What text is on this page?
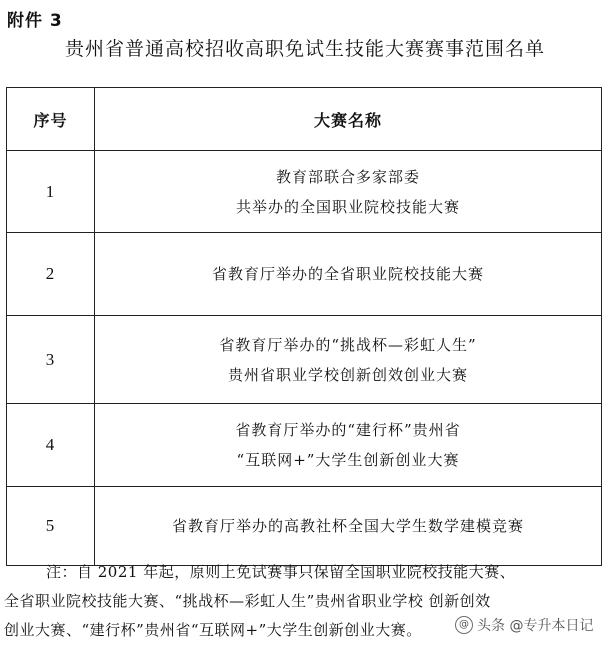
附件 3
贵州省普通高校招收高职免试生技能大赛赛事范围名单
序号	大赛名称
1	教育部联合多家部委
共举办的全国职业院校技能大赛

2	省教育厅举办的全省职业院校技能大赛

3	省教育厅举办的“挑战杯—彩虹人生”
贵州省职业学校创新创效创业大赛

4	省教育厅举办的“建行杯”贵州省
“互联网+”大学生创新创业大赛

5	省教育厅举办的高教社杯全国大学生数学建模竞赛

注：自 2021 年起，原则上免试赛事只保留全国职业院校技能大赛、

全省职业院校技能大赛、“挑战杯—彩虹人生”贵州省职业学校 创新创效

创业大赛、“建行杯”贵州省“互联网+”大学生创新创业大赛。	@ 头条 @专升本日记
